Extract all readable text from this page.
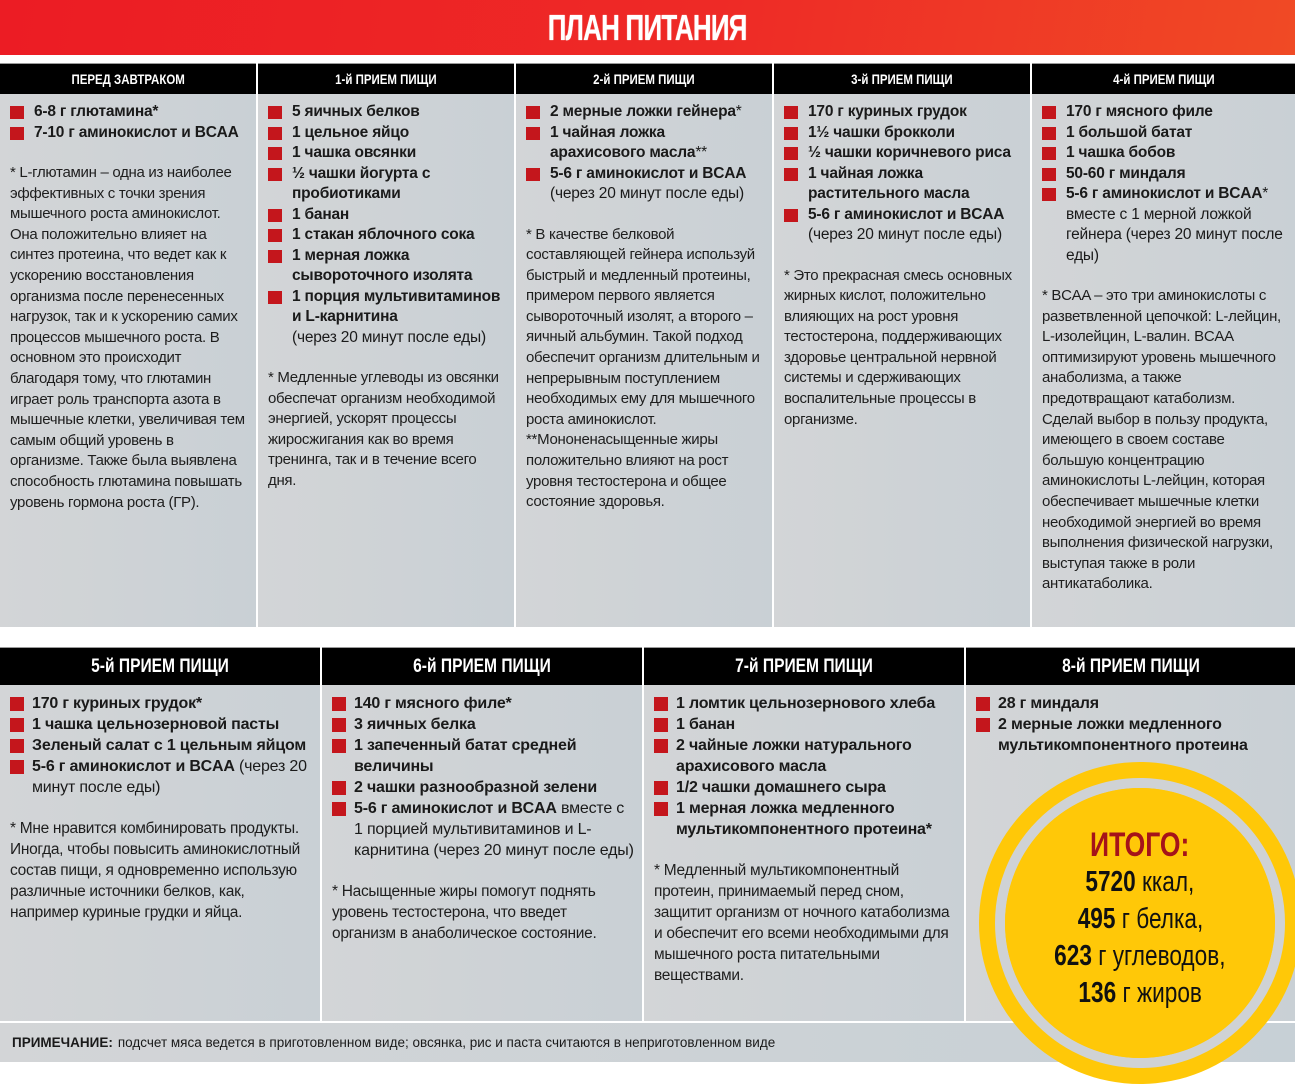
ПЛАН ПИТАНИЯ
ПЕРЕД ЗАВТРАКОМ
6-8 г глютамина*
7-10 г аминокислот и BCAA
* L-глютамин – одна из наиболее эффективных с точки зрения мышечного роста аминокислот. Она положительно влияет на синтез протеина, что ведет как к ускорению восстановления организма после перенесенных нагрузок, так и к ускорению самих процессов мышечного роста. В основном это происходит благодаря тому, что глютамин играет роль транспорта азота в мышечные клетки, увеличивая тем самым общий уровень в организме. Также была выявлена способность глютамина повышать уровень гормона роста (ГР).
1-й ПРИЕМ ПИЩИ
5 яичных белков
1 цельное яйцо
1 чашка овсянки
½ чашки йогурта с пробиотиками
1 банан
1 стакан яблочного сока
1 мерная ложка сывороточного изолята
1 порция мультивитаминов и L-карнитина
(через 20 минут после еды)
* Медленные углеводы из овсянки обеспечат организм необходимой энергией, ускорят процессы жиросжигания как во время тренинга, так и в течение всего дня.
2-й ПРИЕМ ПИЩИ
2 мерные ложки гейнера*
1 чайная ложка арахисового масла**
5-6 г аминокислот и BCAA
(через 20 минут после еды)
* В качестве белковой составляющей гейнера используй быстрый и медленный протеины, примером первого является сывороточный изолят, а второго – яичный альбумин. Такой подход обеспечит организм длительным и непрерывным поступлением необходимых ему для мышечного роста аминокислот.
**Мононенасыщенные жиры положительно влияют на рост уровня тестостерона и общее состояние здоровья.
3-й ПРИЕМ ПИЩИ
170 г куриных грудок
1½ чашки брокколи
½ чашки коричневого риса
1 чайная ложка растительного масла
5-6 г аминокислот и BCAA
(через 20 минут после еды)
* Это прекрасная смесь основных жирных кислот, положительно влияющих на рост уровня тестостерона, поддерживающих здоровье центральной нервной системы и сдерживающих воспалительные процессы в организме.
4-й ПРИЕМ ПИЩИ
170 г мясного филе
1 большой батат
1 чашка бобов
50-60 г миндаля
5-6 г аминокислот и BCAA*
вместе с 1 мерной ложкой гейнера (через 20 минут после еды)
* BCAA – это три аминокислоты с разветвленной цепочкой: L-лейцин, L-изолейцин, L-валин. BCAA оптимизируют уровень мышечного анаболизма, а также предотвращают катаболизм. Сделай выбор в пользу продукта, имеющего в своем составе большую концентрацию аминокислоты L-лейцин, которая обеспечивает мышечные клетки необходимой энергией во время выполнения физической нагрузки, выступая также в роли антикатаболика.
5-й ПРИЕМ ПИЩИ
170 г куриных грудок*
1 чашка цельнозерновой пасты
Зеленый салат с 1 цельным яйцом
5-6 г аминокислот и BCAA (через 20 минут после еды)
* Мне нравится комбинировать продукты. Иногда, чтобы повысить аминокислотный состав пищи, я одновременно использую различные источники белков, как, например куриные грудки и яйца.
6-й ПРИЕМ ПИЩИ
140 г мясного филе*
3 яичных белка
1 запеченный батат средней величины
2 чашки разнообразной зелени
5-6 г аминокислот и BCAA вместе с 1 порцией мультивитаминов и L-карнитина (через 20 минут после еды)
* Насыщенные жиры помогут поднять уровень тестостерона, что введет организм в анаболическое состояние.
7-й ПРИЕМ ПИЩИ
1 ломтик цельнозернового хлеба
1 банан
2 чайные ложки натурального арахисового масла
1/2 чашки домашнего сыра
1 мерная ложка медленного мультикомпонентного протеина*
* Медленный мультикомпонентный протеин, принимаемый перед сном, защитит организм от ночного катаболизма и обеспечит его всеми необходимыми для мышечного роста питательными веществами.
8-й ПРИЕМ ПИЩИ
28 г миндаля
2 мерные ложки медленного мультикомпонентного протеина
ПРИМЕЧАНИЕ: подсчет мяса ведется в приготовленном виде; овсянка, рис и паста считаются в неприготовленном виде
ИТОГО:
5720 ккал,
495 г белка,
623 г углеводов,
136 г жиров
